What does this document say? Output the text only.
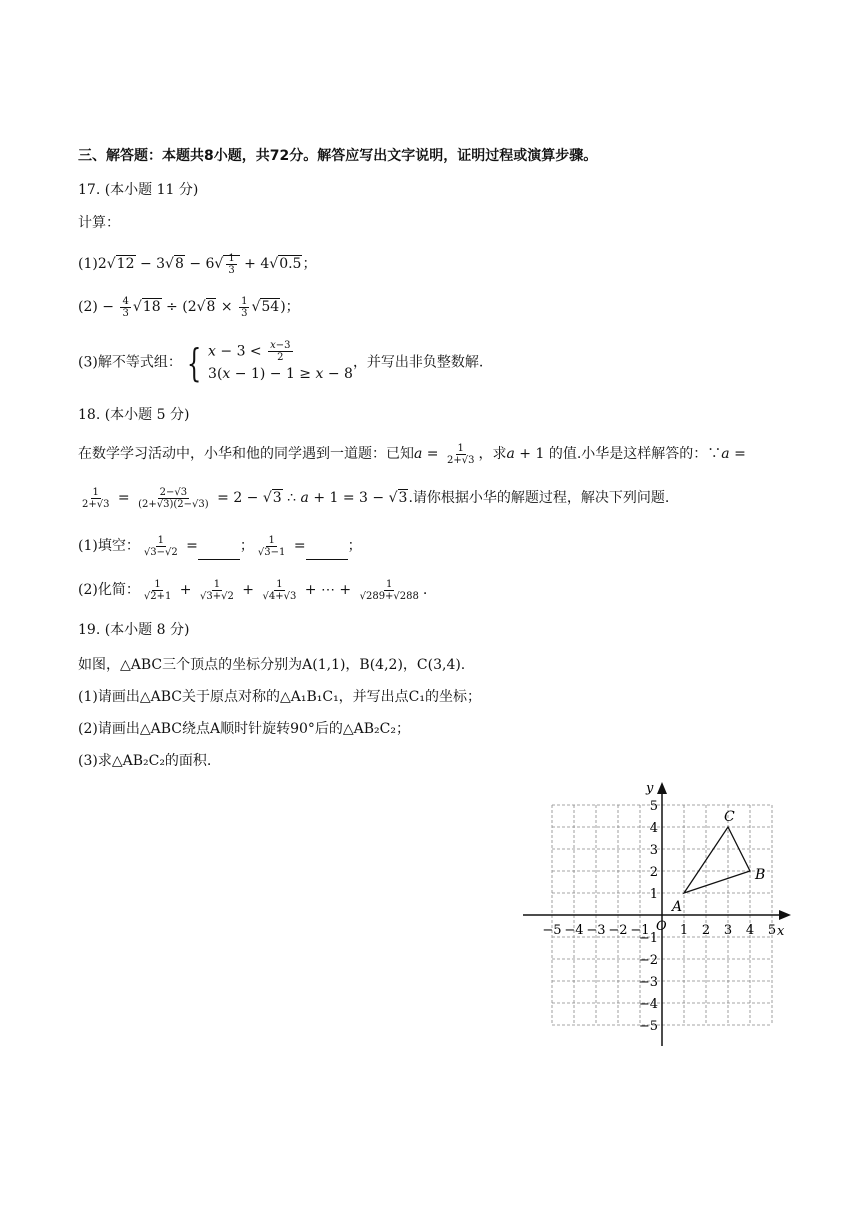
三、解答题：本题共8小题，共72分。解答应写出文字说明，证明过程或演算步骤。
17. (本小题 11 分)
计算：
$(1)2√12 - 3√8 - 6√ \frac{1}{3} + 4√0.5$；
$(2) - \frac{4}{3} √18 \div (2√8 \times \frac{1}{3} √54)$；
(3)解不等式组： { $x - 3 < \frac{x-3}{2}$
3(x − 1) − 1 ≥ x − 8
，并写出非负整数解.
18. (本小题 5 分)
在数学学习活动中，小华和他的同学遇到一道题：已知$a = \frac{1}{2+√3}$ ，求a + 1 的值.小华是这样解答的：∵a =
$\frac{1}{2+√3} = \frac{2-√3}{(2+√3)(2-√3)} = 2 - √3$ ∴ a + 1 = 3 − √3.请你根据小华的解题过程，解决下列问题.
(1)填空： $\frac{1}{√3-√2}$ =	； $\frac{1}{√3-1}$ =	；
(2)化简： $\frac{1}{√2+1} + \frac{1}{√3+√2} + \frac{1}{√4+√3}$ + ⋯ + $\frac{1}{√289+√288}$ .
19. (本小题 8 分)
如图，△ABC三个顶点的坐标分别为A(1,1)，B(4,2)，C(3,4).
(1)请画出△ABC关于原点对称的△A₁B₁C₁，并写出点C₁的坐标；
(2)请画出△ABC绕点A顺时针旋转90°后的△AB₂C₂；
(3)求△AB₂C₂的面积.
−5
−5
−4
−4
−3
−3
−2
−2
−1
−1
1
1
2
2
3
3
4
4
5
5
A
B
C
x
y
O
